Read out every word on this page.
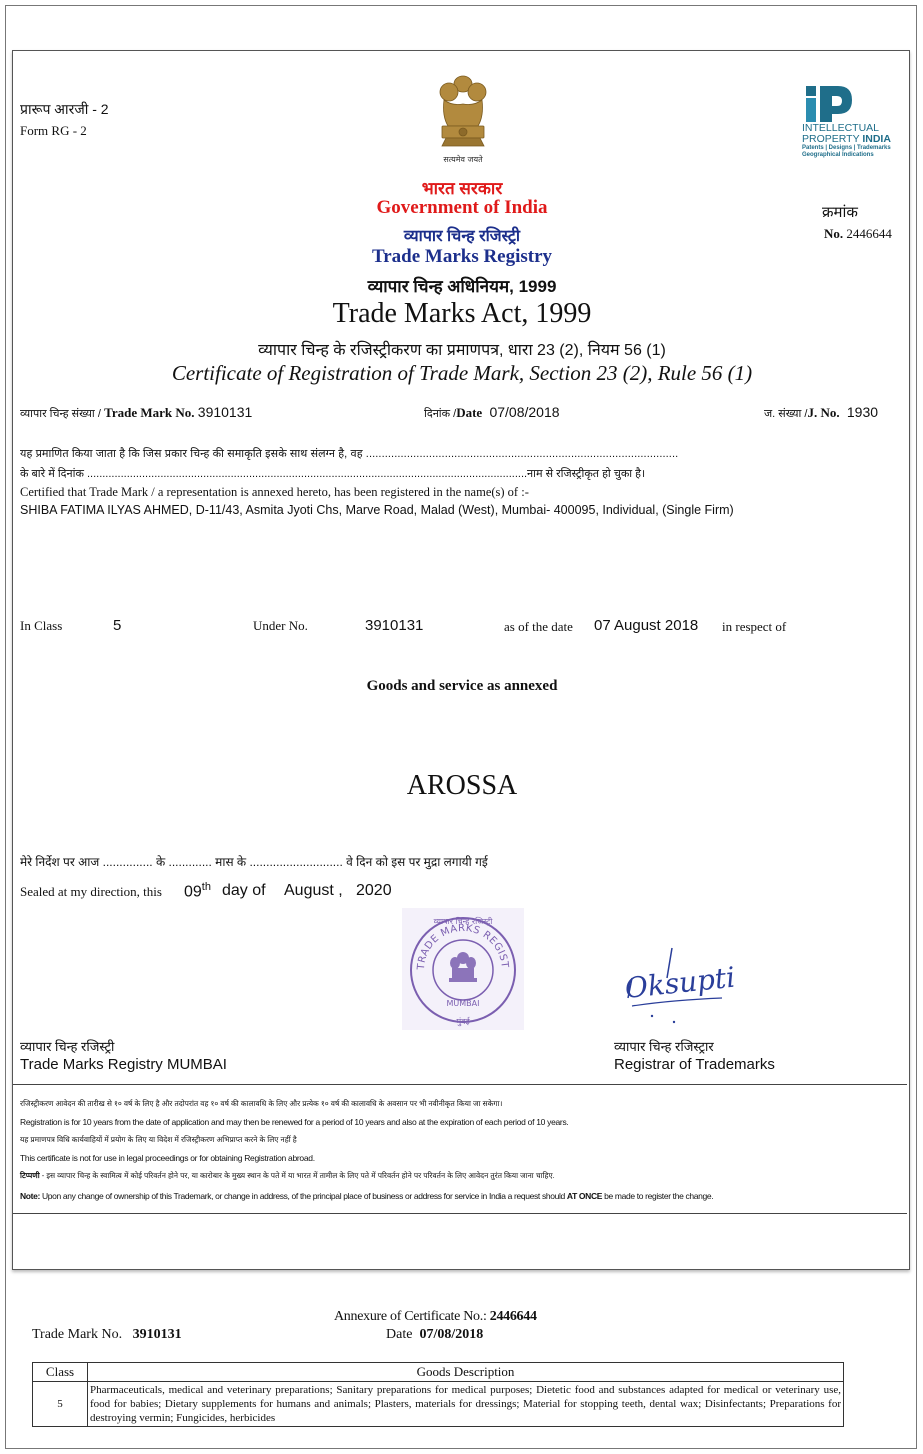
प्रारूप आरजी - 2
Form RG - 2
सत्यमेव जयते
INTELLECTUAL
PROPERTY INDIA
Patents | Designs | Trademarks
Geographical Indications
भारत सरकार
Government of India
व्यापार चिन्ह रजिस्ट्री
Trade Marks Registry
व्यापार चिन्ह अधिनियम, 1999
Trade Marks Act, 1999
व्यापार चिन्ह के रजिस्ट्रीकरण का प्रमाणपत्र, धारा 23 (2), नियम 56 (1)
Certificate of Registration of Trade Mark, Section 23 (2), Rule 56 (1)
क्रमांक
No. 2446644
व्यापार चिन्ह संख्या / Trade Mark No. 3910131	दिनांक /Date 07/08/2018	ज. संख्या /J. No. 1930
यह प्रमाणित किया जाता है कि जिस प्रकार चिन्ह की समाकृति इसके साथ संलग्न है, वह ...................................................................................................
के बारे में दिनांक ................................................................................................................................................नाम से रजिस्ट्रीकृत हो चुका है।
Certified that Trade Mark / a representation is annexed hereto, has been registered in the name(s) of :-
SHIBA FATIMA ILYAS AHMED, D-11/43, Asmita Jyoti Chs, Marve Road, Malad (West), Mumbai- 400095, Individual, (Single Firm)
In Class	5	Under No.	3910131	as of the date 07 August 2018 in respect of
Goods and service as annexed
AROSSA
मेरे निर्देश पर आज ............... के ............. मास के ............................ वे दिन को इस पर मुद्रा लगायी गई
Sealed at my direction, this 09th day of August , 2020
TRADE MARKS REGIST
व्यापार चिन्ह रजिस्ट्री
MUMBAI
मुंबई
Oksupti
व्यापार चिन्ह रजिस्ट्री
Trade Marks Registry MUMBAI
व्यापार चिन्ह रजिस्ट्रार
Registrar of Trademarks
रजिस्ट्रीकरण आवेदन की तारीख से १० वर्ष के लिए है और तदोपरांत वह १० वर्ष की कालावधि के लिए और प्रत्येक १० वर्ष की कालावधि के अवसान पर भी नवीनीकृत किया जा सकेगा।
Registration is for 10 years from the date of application and may then be renewed for a period of 10 years and also at the expiration of each period of 10 years.
यह प्रमाणपत्र विधि कार्यवाहियों में प्रयोग के लिए या विदेश में रजिस्ट्रीकरण अभिप्राप्त करने के लिए नहीं है
This certificate is not for use in legal proceedings or for obtaining Registration abroad.
टिप्पणी - इस व्यापार चिन्ह के स्वामित्व में कोई परिवर्तन होने पर, या कारोबार के मुख्य स्थान के पते में या भारत में तामील के लिए पते में परिवर्तन होने पर परिवर्तन के लिए आवेदन तुरंत किया जाना चाहिए.
Note: Upon any change of ownership of this Trademark, or change in address, of the principal place of business or address for service in India a request should AT ONCE be made to register the change.
Annexure of Certificate No.: 2446644
Trade Mark No. 3910131	Date 07/08/2018
Class	Goods Description
5	Pharmaceuticals, medical and veterinary preparations; Sanitary preparations for medical purposes; Dietetic food and substances adapted for medical or veterinary use, food for babies; Dietary supplements for humans and animals; Plasters, materials for dressings; Material for stopping teeth, dental wax; Disinfectants; Preparations for destroying vermin; Fungicides, herbicides
